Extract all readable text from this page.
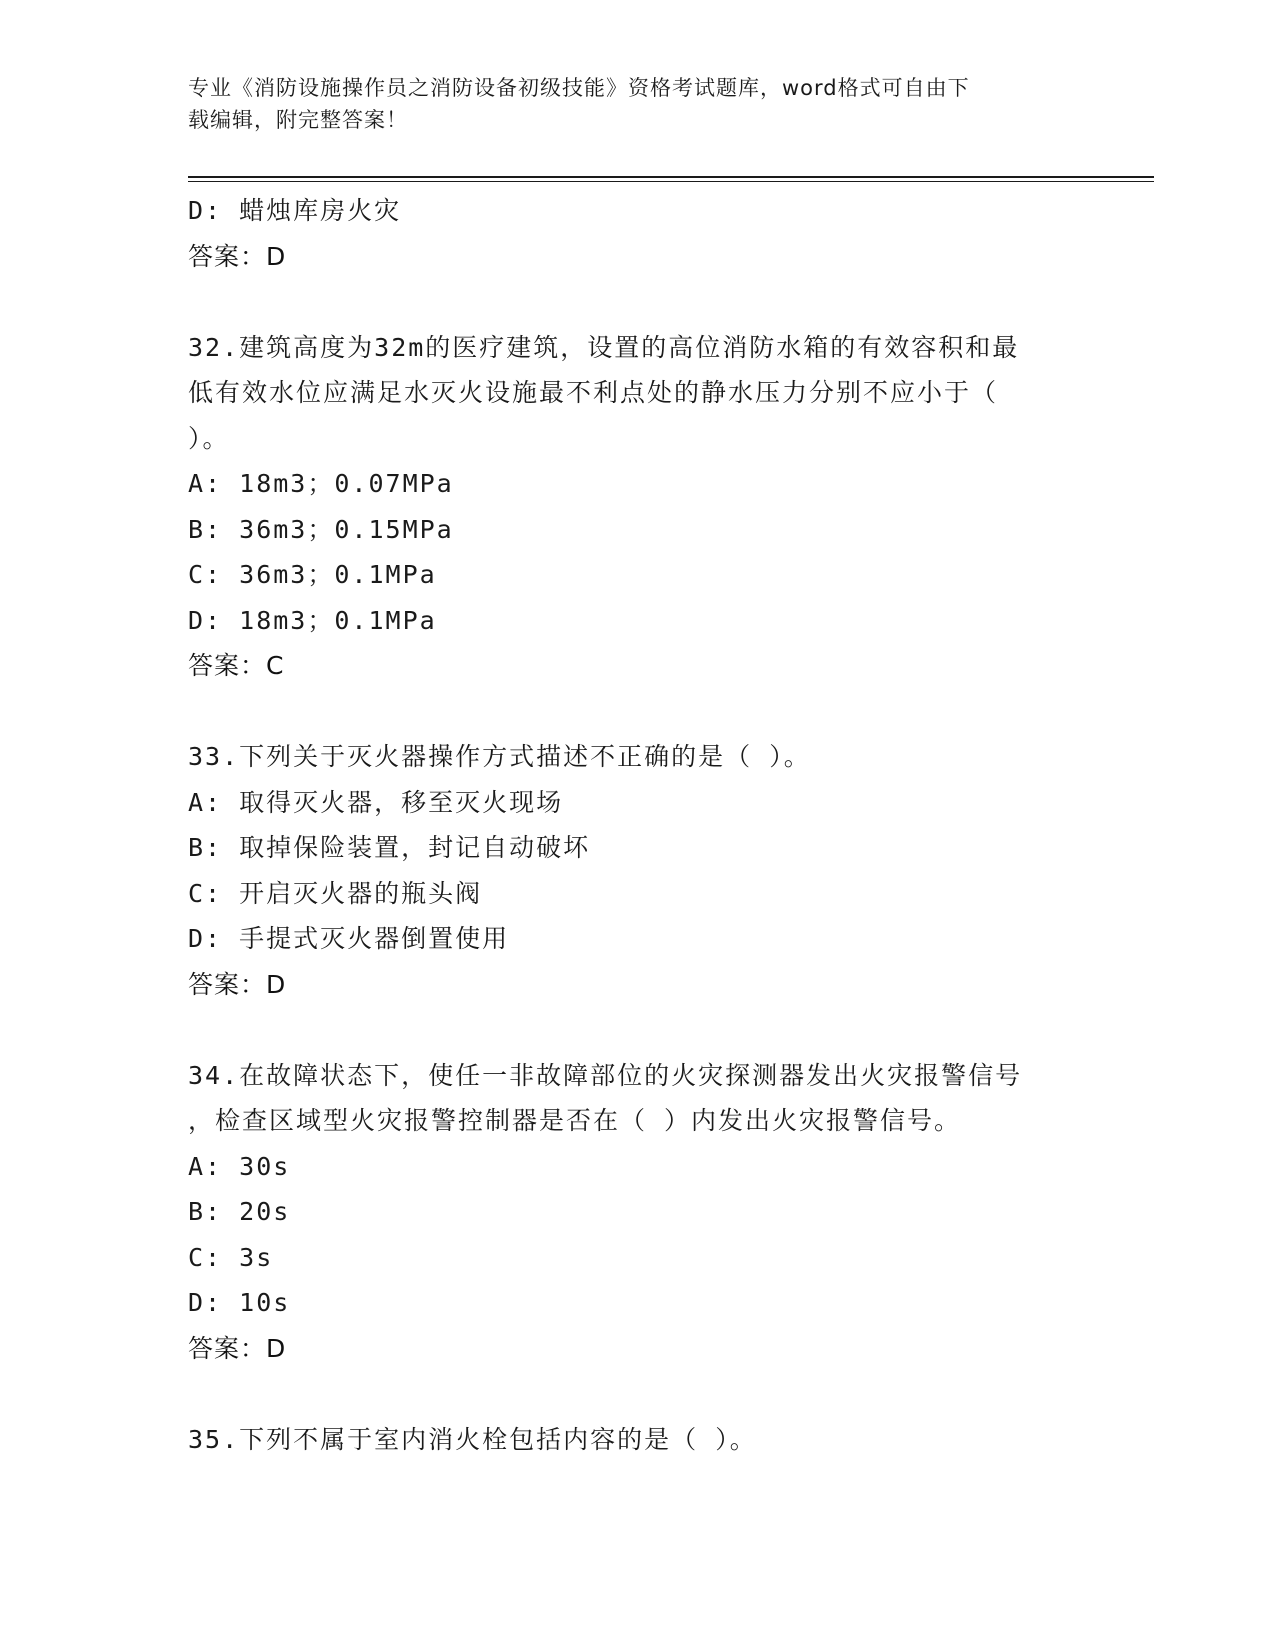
专业《消防设施操作员之消防设备初级技能》资格考试题库，word格式可自由下
载编辑，附完整答案！
D: 蜡烛库房火灾
答案：D
32.建筑高度为32m的医疗建筑，设置的高位消防水箱的有效容积和最
低有效水位应满足水灭火设施最不利点处的静水压力分别不应小于（
）。
A: 18m3；0.07MPa
B: 36m3；0.15MPa
C: 36m3；0.1MPa
D: 18m3；0.1MPa
答案：C
33.下列关于灭火器操作方式描述不正确的是（ ）。
A: 取得灭火器，移至灭火现场
B: 取掉保险装置，封记自动破坏
C: 开启灭火器的瓶头阀
D: 手提式灭火器倒置使用
答案：D
34.在故障状态下，使任一非故障部位的火灾探测器发出火灾报警信号
，检查区域型火灾报警控制器是否在（ ）内发出火灾报警信号。
A: 30s
B: 20s
C: 3s
D: 10s
答案：D
35.下列不属于室内消火栓包括内容的是（ ）。
